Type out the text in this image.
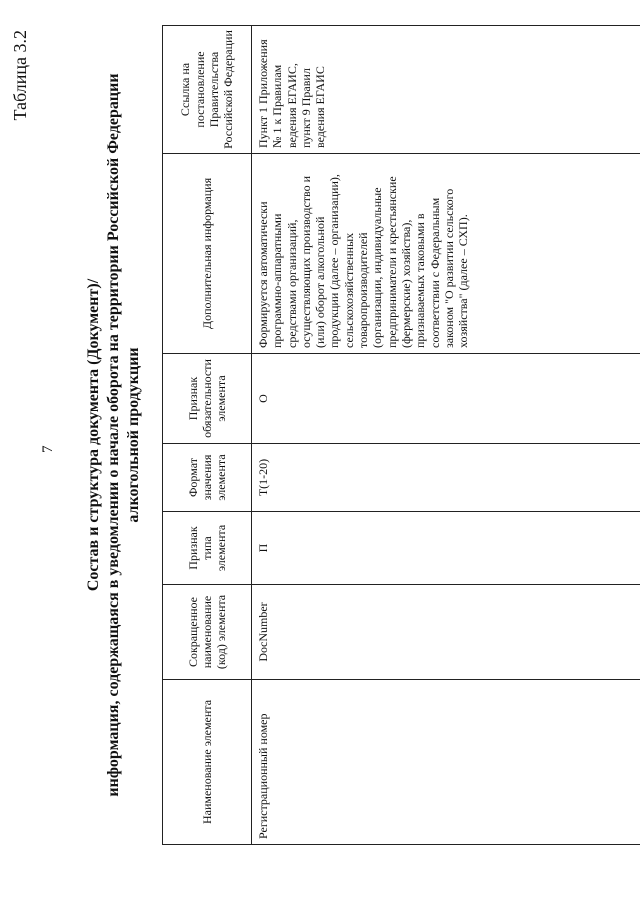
Таблица 3.2
7 Состав и структура документа (Документ)/ информация, содержащаяся в уведомлении о начале оборота на территории Российской Федерации алкогольной продукции
Наименование элемента	Сокращенное наименование (код) элемента	Признак типа элемента	Формат значения элемента	Признак обязательности элемента	Дополнительная информация	Ссылка на постановление Правительства Российской Федерации
Регистрационный номер	DocNumber	П	Т(1-20)	О	Формируется автоматически программно-аппаратными средствами организаций, осуществляющих производство и (или) оборот алкогольной продукции (далее – организации), сельскохозяйственных товаропроизводителей (организации, индивидуальные предприниматели и крестьянские (фермерские) хозяйства), признаваемых таковыми в соответствии с Федеральным законом "О развитии сельского хозяйства" (далее – СХП).	Пункт 1 Приложения № 1 к Правилам ведения ЕГАИС, пункт 9 Правил ведения ЕГАИС
